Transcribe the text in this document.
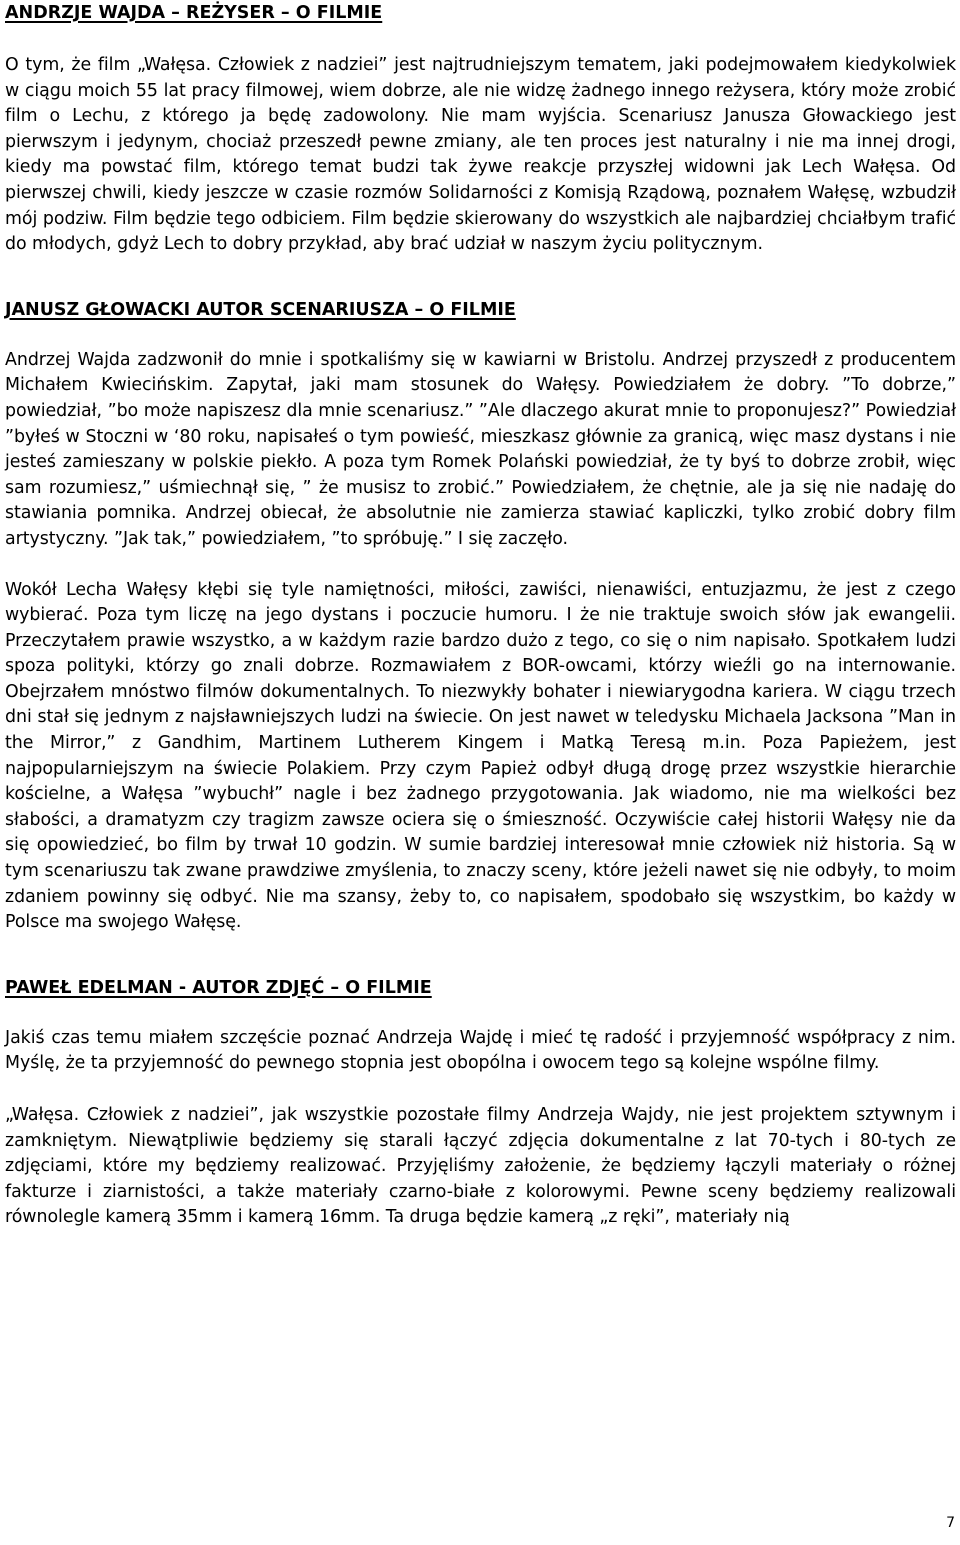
ANDRZJE WAJDA – REŻYSER – O FILMIE

O tym, że film „Wałęsa. Człowiek z nadziei” jest najtrudniejszym tematem, jaki podejmowałem kiedykolwiek w ciągu moich 55 lat pracy filmowej, wiem dobrze, ale nie widzę żadnego innego reżysera, który może zrobić film o Lechu, z którego ja będę zadowolony. Nie mam wyjścia. Scenariusz Janusza Głowackiego jest pierwszym i jedynym, chociaż przeszedł pewne zmiany, ale ten proces jest naturalny i nie ma innej drogi, kiedy ma powstać film, którego temat budzi tak żywe reakcje przyszłej widowni jak Lech Wałęsa. Od pierwszej chwili, kiedy jeszcze w czasie rozmów Solidarności z Komisją Rządową, poznałem Wałęsę, wzbudził mój podziw. Film będzie tego odbiciem. Film będzie skierowany do wszystkich ale najbardziej chciałbym trafić do młodych, gdyż Lech to dobry przykład, aby brać udział w naszym życiu politycznym.

JANUSZ GŁOWACKI AUTOR SCENARIUSZA – O FILMIE

Andrzej Wajda zadzwonił do mnie i spotkaliśmy się w kawiarni w Bristolu. Andrzej przyszedł z producentem Michałem Kwiecińskim. Zapytał, jaki mam stosunek do Wałęsy. Powiedziałem że dobry. ”To dobrze,” powiedział, ”bo może napiszesz dla mnie scenariusz.” ”Ale dlaczego akurat mnie to proponujesz?” Powiedział ”byłeś w Stoczni w ‘80 roku, napisałeś o tym powieść, mieszkasz głównie za granicą, więc masz dystans i nie jesteś zamieszany w polskie piekło. A poza tym Romek Polański powiedział, że ty byś to dobrze zrobił, więc sam rozumiesz,” uśmiechnął się, ” że musisz to zrobić.” Powiedziałem, że chętnie, ale ja się nie nadaję do stawiania pomnika. Andrzej obiecał, że absolutnie nie zamierza stawiać kapliczki, tylko zrobić dobry film artystyczny. ”Jak tak,” powiedziałem, ”to spróbuję.” I się zaczęło.

Wokół Lecha Wałęsy kłębi się tyle namiętności, miłości, zawiści, nienawiści, entuzjazmu, że jest z czego wybierać. Poza tym liczę na jego dystans i poczucie humoru. I że nie traktuje swoich słów jak ewangelii. Przeczytałem prawie wszystko, a w każdym razie bardzo dużo z tego, co się o nim napisało. Spotkałem ludzi spoza polityki, którzy go znali dobrze. Rozmawiałem z BOR-owcami, którzy wieźli go na internowanie. Obejrzałem mnóstwo filmów dokumentalnych. To niezwykły bohater i niewiarygodna kariera. W ciągu trzech dni stał się jednym z najsławniejszych ludzi na świecie. On jest nawet w teledysku Michaela Jacksona ”Man in the Mirror,” z Gandhim, Martinem Lutherem Kingem i Matką Teresą m.in. Poza Papieżem, jest najpopularniejszym na świecie Polakiem. Przy czym Papież odbył długą drogę przez wszystkie hierarchie kościelne, a Wałęsa ”wybuchł” nagle i bez żadnego przygotowania. Jak wiadomo, nie ma wielkości bez słabości, a dramatyzm czy tragizm zawsze ociera się o śmieszność. Oczywiście całej historii Wałęsy nie da się opowiedzieć, bo film by trwał 10 godzin. W sumie bardziej interesował mnie człowiek niż historia. Są w tym scenariuszu tak zwane prawdziwe zmyślenia, to znaczy sceny, które jeżeli nawet się nie odbyły, to moim zdaniem powinny się odbyć. Nie ma szansy, żeby to, co napisałem, spodobało się wszystkim, bo każdy w Polsce ma swojego Wałęsę.

PAWEŁ EDELMAN - AUTOR ZDJĘĆ – O FILMIE

Jakiś czas temu miałem szczęście poznać Andrzeja Wajdę i mieć tę radość i przyjemność współpracy z nim. Myślę, że ta przyjemność do pewnego stopnia jest obopólna i owocem tego są kolejne wspólne filmy.

„Wałęsa. Człowiek z nadziei”, jak wszystkie pozostałe filmy Andrzeja Wajdy, nie jest projektem sztywnym i zamkniętym. Niewątpliwie będziemy się starali łączyć zdjęcia dokumentalne z lat 70-tych i 80-tych ze zdjęciami, które my będziemy realizować. Przyjęliśmy założenie, że będziemy łączyli materiały o różnej fakturze i ziarnistości, a także materiały czarno-białe z kolorowymi. Pewne sceny będziemy realizowali równolegle kamerą 35mm i kamerą 16mm. Ta druga będzie kamerą „z ręki”, materiały nią

7
